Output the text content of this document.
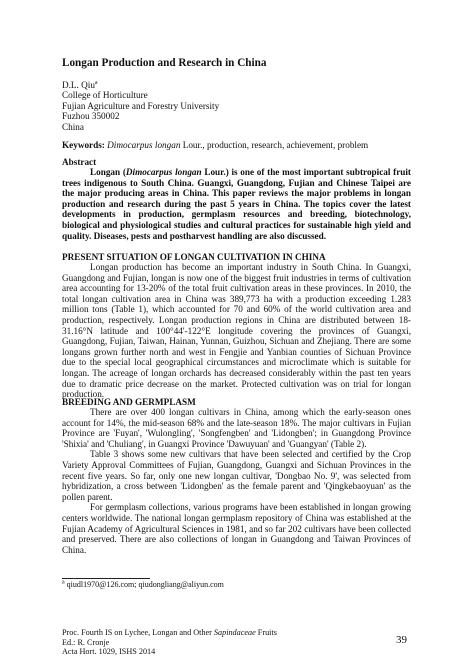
Longan Production and Research in China
D.L. Qiu$^a$
College of Horticulture
Fujian Agriculture and Forestry University
Fuzhou 350002
China
Keywords: Dimocarpus longan Lour., production, research, achievement, problem
Abstract
Longan (Dimocarpus longan Lour.) is one of the most important subtropical fruit trees indigenous to South China. Guangxi, Guangdong, Fujian and Chinese Taipei are the major producing areas in China. This paper reviews the major problems in longan production and research during the past 5 years in China. The topics cover the latest developments in production, germplasm resources and breeding, biotechnology, biological and physiological studies and cultural practices for sustainable high yield and quality. Diseases, pests and postharvest handling are also discussed.
PRESENT SITUATION OF LONGAN CULTIVATION IN CHINA

Longan production has become an important industry in South China. In Guangxi, Guangdong and Fujian, longan is now one of the biggest fruit industries in terms of cultivation area accounting for 13-20% of the total fruit cultivation areas in these provinces. In 2010, the total longan cultivation area in China was 389,773 ha with a production exceeding 1.283 million tons (Table 1), which accounted for 70 and 60% of the world cultivation area and production, respectively. Longan production regions in China are distributed between 18-31.16°N latitude and 100°44'-122°E longitude covering the provinces of Guangxi, Guangdong, Fujian, Taiwan, Hainan, Yunnan, Guizhou, Sichuan and Zhejiang. There are some longans grown further north and west in Fengjie and Yanbian counties of Sichuan Province due to the special local geographical circumstances and microclimate which is suitable for longan. The acreage of longan orchards has decreased considerably within the past ten years due to dramatic price decrease on the market. Protected cultivation was on trial for longan production.

BREEDING AND GERMPLASM

There are over 400 longan cultivars in China, among which the early-season ones account for 14%, the mid-season 68% and the late-season 18%. The major cultivars in Fujian Province are 'Fuyan', 'Wulongling', 'Songfengben' and 'Lidongben'; in Guangdong Province 'Shixia' and 'Chuliang', in Guangxi Province 'Dawuyuan' and 'Guangyan' (Table 2).

Table 3 shows some new cultivars that have been selected and certified by the Crop Variety Approval Committees of Fujian, Guangdong, Guangxi and Sichuan Provinces in the recent five years. So far, only one new longan cultivar, 'Dongbao No. 9', was selected from hybridization, a cross between 'Lidongben' as the female parent and 'Qingkebaoyuan' as the pollen parent.

For germplasm collections, various programs have been established in longan growing centers worldwide. The national longan germplasm repository of China was established at the Fujian Academy of Agricultural Sciences in 1981, and so far 202 cultivars have been collected and preserved. There are also collections of longan in Guangdong and Taiwan Provinces of China.

$^a$ qiudl1970@126.com; qiudongliang@aliyun.com
Proc. Fourth IS on Lychee, Longan and Other Sapindaceae Fruits
Ed.: R. Cronje
Acta Hort. 1029, ISHS 2014
39
